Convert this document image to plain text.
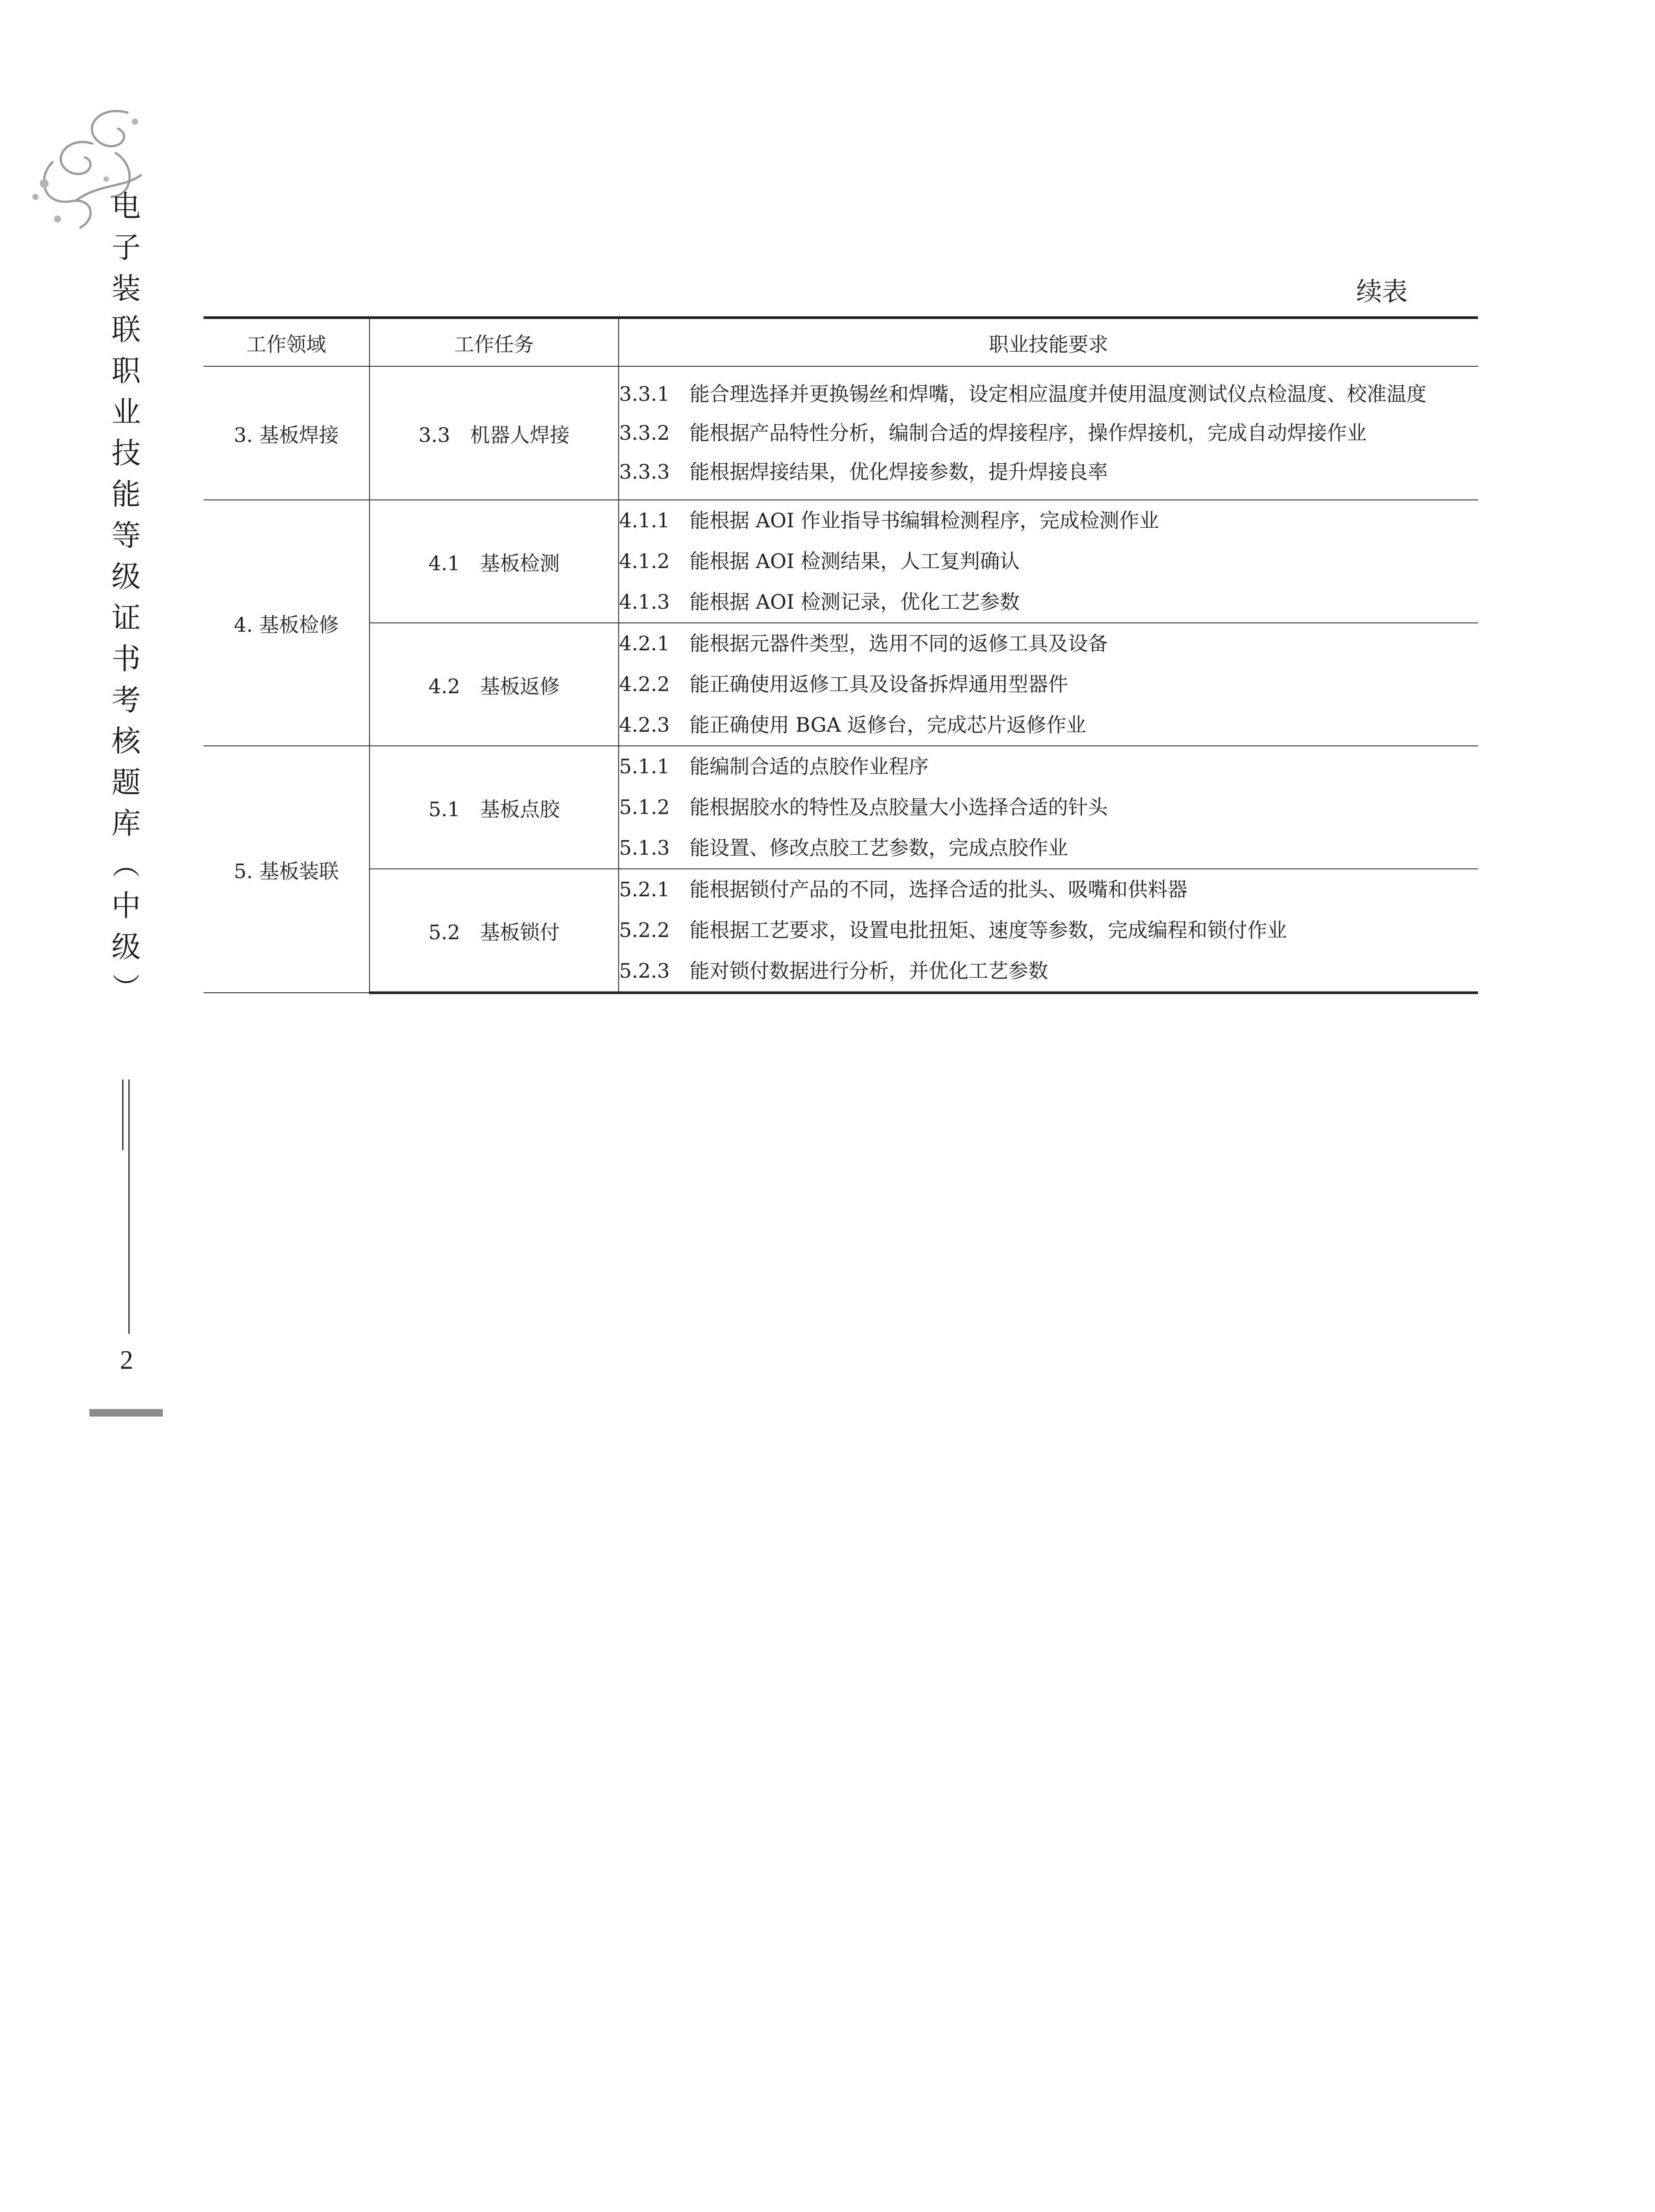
电
子
装
联
职
业
技
能
等
级
证
书
考
核
题
库
︵
中
级
︶
2
续表
工作领域	工作任务	职业技能要求
3. 基板焊接	3.3　机器人焊接	3.3.1　能合理选择并更换锡丝和焊嘴，设定相应温度并使用温度测试仪点检温度、校准温度
3.3.2　能根据产品特性分析，编制合适的焊接程序，操作焊接机，完成自动焊接作业
3.3.3　能根据焊接结果，优化焊接参数，提升焊接良率

4. 基板检修	4.1　基板检测	4.1.1　能根据 AOI 作业指导书编辑检测程序，完成检测作业
4.1.2　能根据 AOI 检测结果，人工复判确认
4.1.3　能根据 AOI 检测记录，优化工艺参数

	4.2　基板返修	4.2.1　能根据元器件类型，选用不同的返修工具及设备
4.2.2　能正确使用返修工具及设备拆焊通用型器件
4.2.3　能正确使用 BGA 返修台，完成芯片返修作业

5. 基板装联	5.1　基板点胶	5.1.1　能编制合适的点胶作业程序
5.1.2　能根据胶水的特性及点胶量大小选择合适的针头
5.1.3　能设置、修改点胶工艺参数，完成点胶作业

	5.2　基板锁付	5.2.1　能根据锁付产品的不同，选择合适的批头、吸嘴和供料器
5.2.2　能根据工艺要求，设置电批扭矩、速度等参数，完成编程和锁付作业
5.2.3　能对锁付数据进行分析，并优化工艺参数
